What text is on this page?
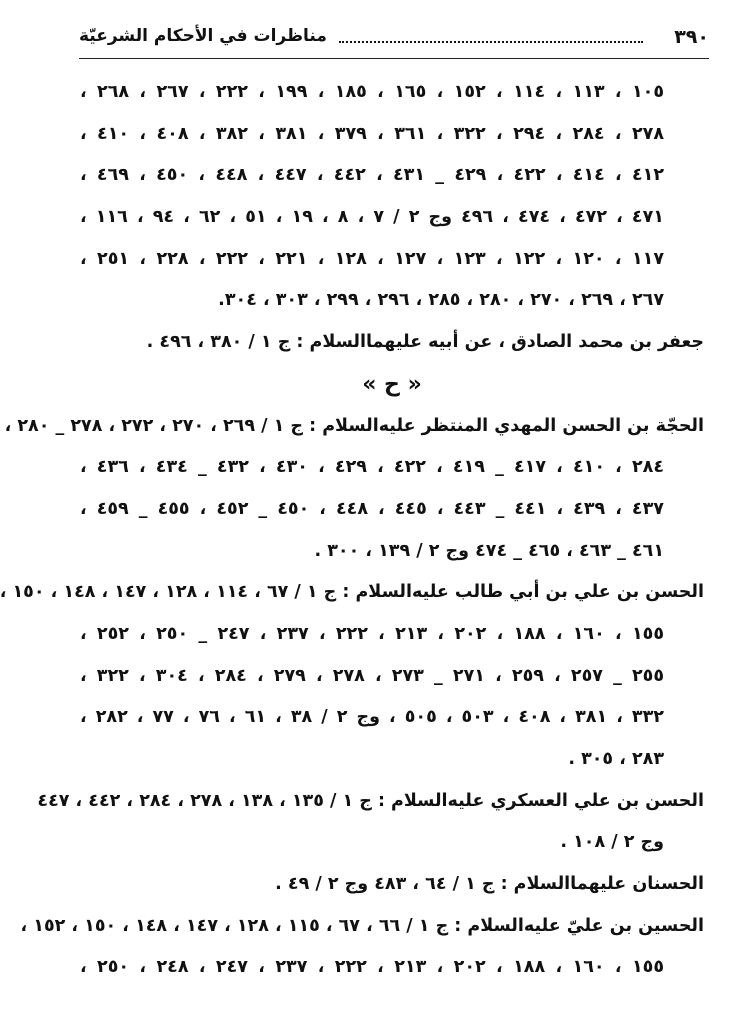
٣٩٠
مناظرات في الأحكام الشرعيّة
١٠٥ ، ١١٣ ، ١١٤ ، ١٥٢ ، ١٦٥ ، ١٨٥ ، ١٩٩ ، ٢٢٢ ، ٢٦٧ ، ٢٦٨ ،
٢٧٨ ، ٢٨٤ ، ٢٩٤ ، ٣٢٢ ، ٣٦١ ، ٣٧٩ ، ٣٨١ ، ٣٨٢ ، ٤٠٨ ، ٤١٠ ،
٤١٢ ، ٤١٤ ، ٤٢٢ ، ٤٢٩ _ ٤٣١ ، ٤٤٢ ، ٤٤٧ ، ٤٤٨ ، ٤٥٠ ، ٤٦٩ ،
٤٧١ ، ٤٧٢ ، ٤٧٤ ، ٤٩٦ وج ٢ / ٧ ، ٨ ، ١٩ ، ٥١ ، ٦٢ ، ٩٤ ، ١١٦ ،
١١٧ ، ١٢٠ ، ١٢٢ ، ١٢٣ ، ١٢٧ ، ١٢٨ ، ٢٢١ ، ٢٢٢ ، ٢٢٨ ، ٢٥١ ،
٢٦٧ ، ٢٦٩ ، ٢٧٠ ، ٢٨٠ ، ٢٨٥ ، ٢٩٦ ، ٢٩٩ ، ٣٠٣ ، ٣٠٤.
جعفر بن محمد الصادق ، عن أبيه عليهما‌السلام : ج ١ / ٣٨٠ ، ٤٩٦ .
« ح »
الحجّة بن الحسن المهدي المنتظر عليه‌السلام : ج ١ / ٢٦٩ ، ٢٧٠ ، ٢٧٢ ، ٢٧٨ _ ٢٨٠ ،
٢٨٤ ، ٤١٠ ، ٤١٧ _ ٤١٩ ، ٤٢٢ ، ٤٢٩ ، ٤٣٠ ، ٤٣٢ _ ٤٣٤ ، ٤٣٦ ،
٤٣٧ ، ٤٣٩ ، ٤٤١ _ ٤٤٣ ، ٤٤٥ ، ٤٤٨ ، ٤٥٠ _ ٤٥٢ ، ٤٥٥ _ ٤٥٩ ،
٤٦١ _ ٤٦٣ ، ٤٦٥ _ ٤٧٤ وج ٢ / ١٣٩ ، ٣٠٠ .
الحسن بن علي بن أبي طالب عليه‌السلام : ج ١ / ٦٧ ، ١١٤ ، ١٢٨ ، ١٤٧ ، ١٤٨ ، ١٥٠ ،
١٥٥ ، ١٦٠ ، ١٨٨ ، ٢٠٢ ، ٢١٣ ، ٢٢٢ ، ٢٣٧ ، ٢٤٧ _ ٢٥٠ ، ٢٥٢ ،
٢٥٥ _ ٢٥٧ ، ٢٥٩ ، ٢٧١ _ ٢٧٣ ، ٢٧٨ ، ٢٧٩ ، ٢٨٤ ، ٣٠٤ ، ٣٢٢ ،
٣٣٢ ، ٣٨١ ، ٤٠٨ ، ٥٠٣ ، ٥٠٥ ، وج ٢ / ٣٨ ، ٦١ ، ٧٦ ، ٧٧ ، ٢٨٢ ،
٢٨٣ ، ٣٠٥ .
الحسن بن علي العسكري عليه‌السلام : ج ١ / ١٣٥ ، ١٣٨ ، ٢٧٨ ، ٢٨٤ ، ٤٤٢ ، ٤٤٧
وج ٢ / ١٠٨ .
الحسنان عليهما‌السلام : ج ١ / ٦٤ ، ٤٨٣ وج ٢ / ٤٩ .
الحسين بن عليّ عليه‌السلام : ج ١ / ٦٦ ، ٦٧ ، ١١٥ ، ١٢٨ ، ١٤٧ ، ١٤٨ ، ١٥٠ ، ١٥٢ ،
١٥٥ ، ١٦٠ ، ١٨٨ ، ٢٠٢ ، ٢١٣ ، ٢٢٢ ، ٢٣٧ ، ٢٤٧ ، ٢٤٨ ، ٢٥٠ ،
